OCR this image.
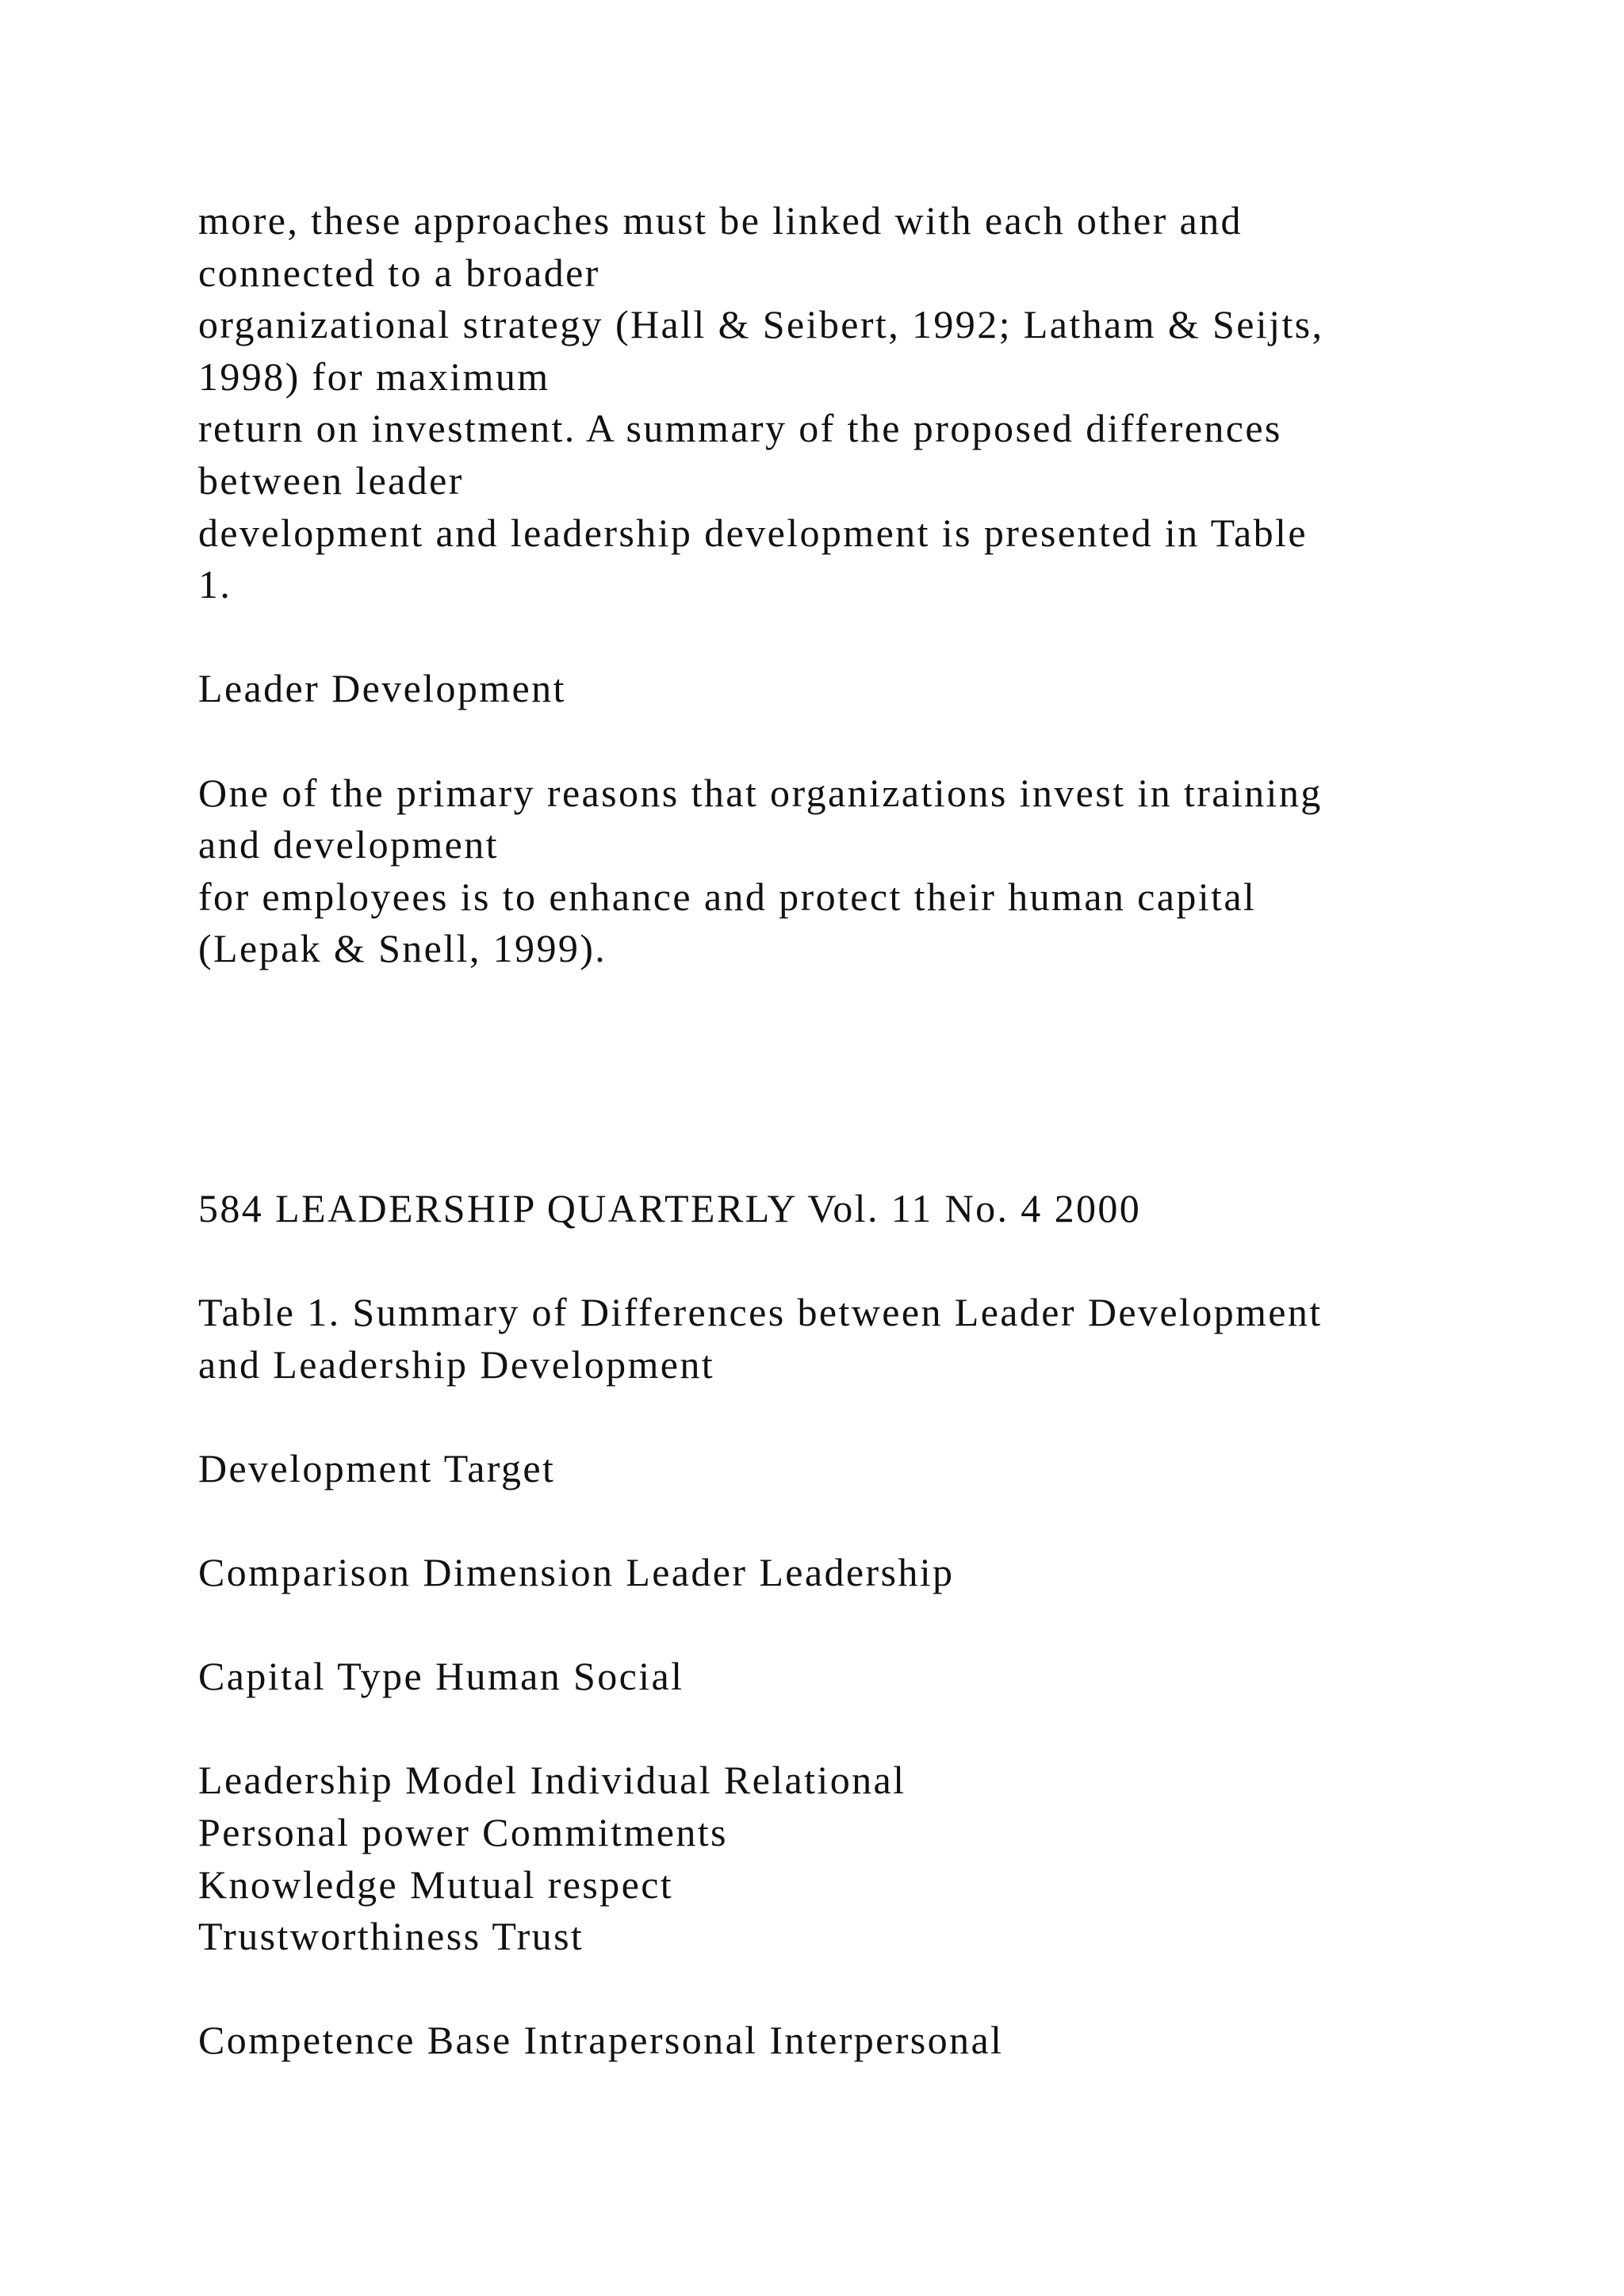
more, these approaches must be linked with each other and
connected to a broader
organizational strategy (Hall & Seibert, 1992; Latham & Seijts,
1998) for maximum
return on investment. A summary of the proposed differences
between leader
development and leadership development is presented in Table
1.
Leader Development
One of the primary reasons that organizations invest in training
and development
for employees is to enhance and protect their human capital
(Lepak & Snell, 1999).
584 LEADERSHIP QUARTERLY Vol. 11 No. 4 2000
Table 1. Summary of Differences between Leader Development
and Leadership Development
Development Target
Comparison Dimension Leader Leadership
Capital Type Human Social
Leadership Model Individual Relational
Personal power Commitments
Knowledge Mutual respect
Trustworthiness Trust
Competence Base Intrapersonal Interpersonal
